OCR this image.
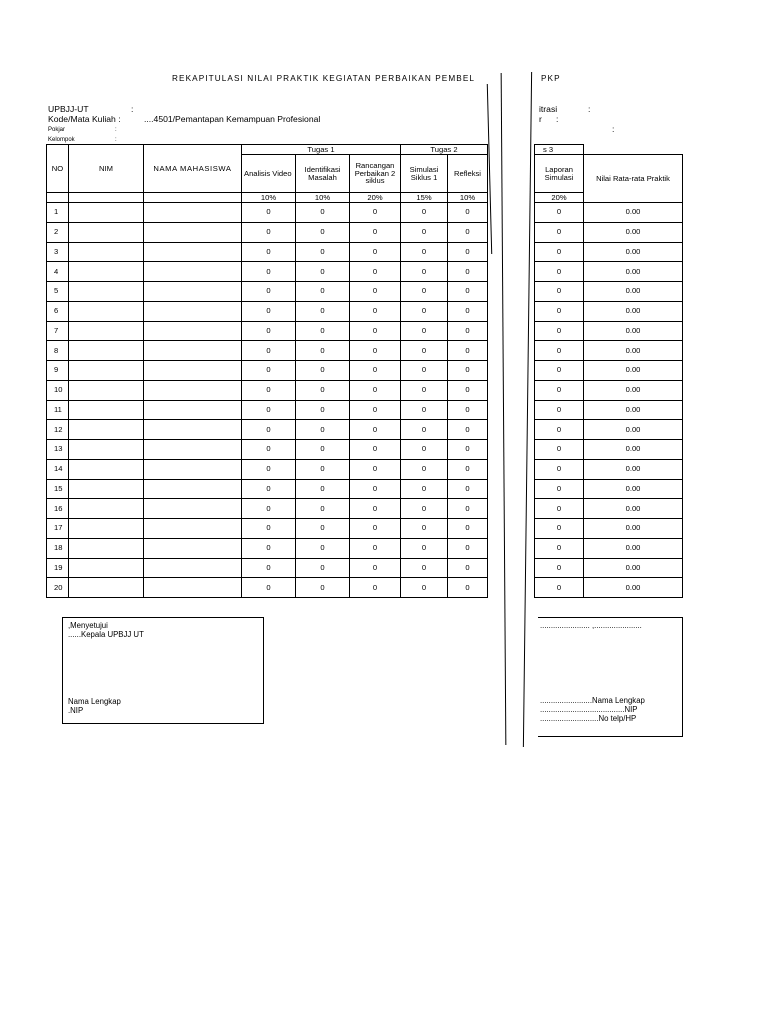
REKAPITULASI NILAI PRAKTIK KEGIATAN PERBAIKAN PEMBEL	PKP
UPBJJ-UT	:
Kode/Mata Kuliah :	....4501/Pemantapan Kemampuan Profesional
Pokjar	:
Kelompok	:
itrasi	:
r :
:
NO	NIM	NAMA MAHASISWA	Tugas 1			Tugas 2			s 3	
			Analisis Video	Identifikasi Masalah	Rancangan Perbaikan 2 siklus	Simulasi Siklus 1	Refleksi		Laporan Simulasi	Nilai Rata-rata Praktik
			10%	10%	20%	15%	10%		20%	
1			0	0	0	0	0		0	0.00
2			0	0	0	0	0		0	0.00
3			0	0	0	0	0		0	0.00
4			0	0	0	0	0		0	0.00
5			0	0	0	0	0		0	0.00
6			0	0	0	0	0		0	0.00
7			0	0	0	0	0		0	0.00
8			0	0	0	0	0		0	0.00
9			0	0	0	0	0		0	0.00
10			0	0	0	0	0		0	0.00
11			0	0	0	0	0		0	0.00
12			0	0	0	0	0		0	0.00
13			0	0	0	0	0		0	0.00
14			0	0	0	0	0		0	0.00
15			0	0	0	0	0		0	0.00
16			0	0	0	0	0		0	0.00
17			0	0	0	0	0		0	0.00
18			0	0	0	0	0		0	0.00
19			0	0	0	0	0		0	0.00
20			0	0	0	0	0		0	0.00
,Menyetujui
......Kepala UPBJJ UT
Nama Lengkap
.NIP
....................... ,......................
........................Nama Lengkap
.......................................NIP
...........................No telp/HP
